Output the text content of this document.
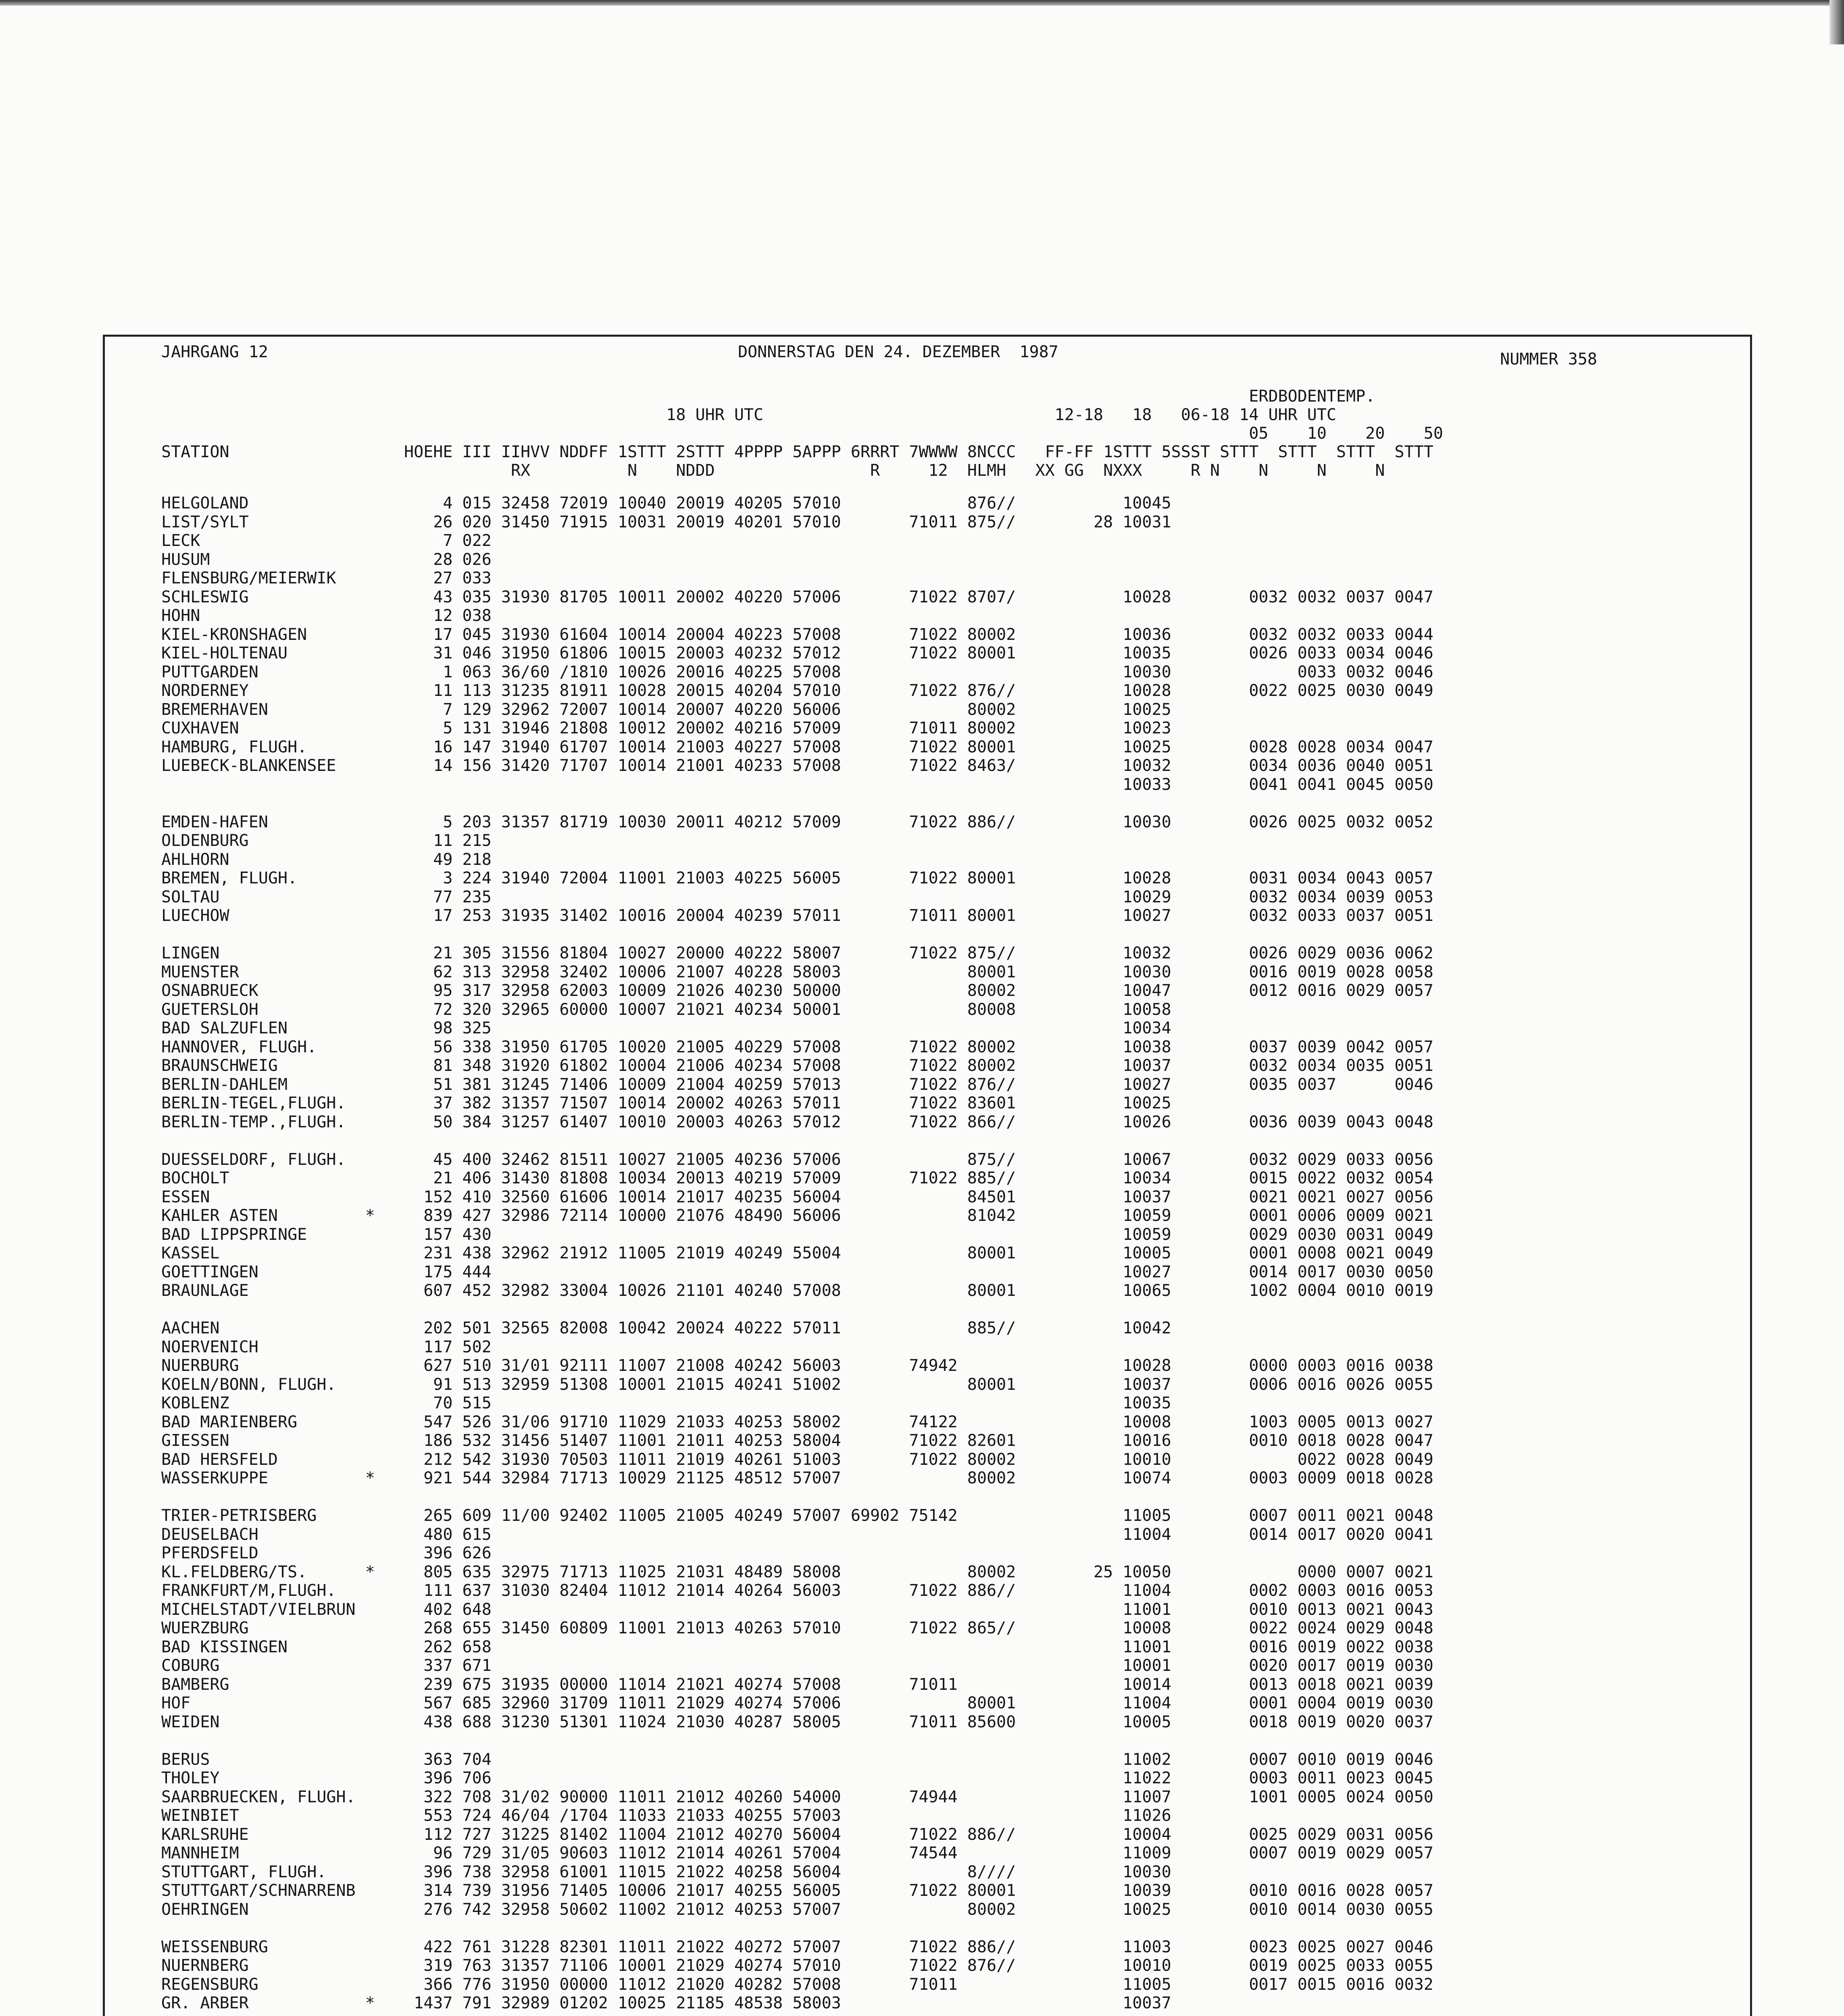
JAHRGANG 12	DONNERSTAG DEN 24. DEZEMBER  1987	NUMMER 358
ERDBODENTEMP.
18 UHR UTC                              12-18   18   06-18 14 UHR UTC
05    10    20    50
STATION                  HOEHE III IIHVV NDDFF 1STTT 2STTT 4PPPP 5APPP 6RRRT 7WWWW 8NCCC   FF-FF 1STTT 5SSST STTT  STTT  STTT  STTT
RX          N    NDDD                R     12  HLMH   XX GG  NXXX     R N    N     N     N
HELGOLAND                    4 015 32458 72019 10040 20019 40205 57010             876//           10045
LIST/SYLT                   26 020 31450 71915 10031 20019 40201 57010       71011 875//        28 10031
LECK                         7 022
HUSUM                       28 026
FLENSBURG/MEIERWIK          27 033
SCHLESWIG                   43 035 31930 81705 10011 20002 40220 57006       71022 8707/           10028        0032 0032 0037 0047
HOHN                        12 038
KIEL-KRONSHAGEN             17 045 31930 61604 10014 20004 40223 57008       71022 80002           10036        0032 0032 0033 0044
KIEL-HOLTENAU               31 046 31950 61806 10015 20003 40232 57012       71022 80001           10035        0026 0033 0034 0046
PUTTGARDEN                   1 063 36/60 /1810 10026 20016 40225 57008                             10030             0033 0032 0046
NORDERNEY                   11 113 31235 81911 10028 20015 40204 57010       71022 876//           10028        0022 0025 0030 0049
BREMERHAVEN                  7 129 32962 72007 10014 20007 40220 56006             80002           10025
CUXHAVEN                     5 131 31946 21808 10012 20002 40216 57009       71011 80002           10023
HAMBURG, FLUGH.             16 147 31940 61707 10014 21003 40227 57008       71022 80001           10025        0028 0028 0034 0047
LUEBECK-BLANKENSEE          14 156 31420 71707 10014 21001 40233 57008       71022 8463/           10032        0034 0036 0040 0051
10033        0041 0041 0045 0050
EMDEN-HAFEN                  5 203 31357 81719 10030 20011 40212 57009       71022 886//           10030        0026 0025 0032 0052
OLDENBURG                   11 215
AHLHORN                     49 218
BREMEN, FLUGH.               3 224 31940 72004 11001 21003 40225 56005       71022 80001           10028        0031 0034 0043 0057
SOLTAU                      77 235                                                                 10029        0032 0034 0039 0053
LUECHOW                     17 253 31935 31402 10016 20004 40239 57011       71011 80001           10027        0032 0033 0037 0051
LINGEN                      21 305 31556 81804 10027 20000 40222 58007       71022 875//           10032        0026 0029 0036 0062
MUENSTER                    62 313 32958 32402 10006 21007 40228 58003             80001           10030        0016 0019 0028 0058
OSNABRUECK                  95 317 32958 62003 10009 21026 40230 50000             80002           10047        0012 0016 0029 0057
GUETERSLOH                  72 320 32965 60000 10007 21021 40234 50001             80008           10058
BAD SALZUFLEN               98 325                                                                 10034
HANNOVER, FLUGH.            56 338 31950 61705 10020 21005 40229 57008       71022 80002           10038        0037 0039 0042 0057
BRAUNSCHWEIG                81 348 31920 61802 10004 21006 40234 57008       71022 80002           10037        0032 0034 0035 0051
BERLIN-DAHLEM               51 381 31245 71406 10009 21004 40259 57013       71022 876//           10027        0035 0037      0046
BERLIN-TEGEL,FLUGH.         37 382 31357 71507 10014 20002 40263 57011       71022 83601           10025
BERLIN-TEMP.,FLUGH.         50 384 31257 61407 10010 20003 40263 57012       71022 866//           10026        0036 0039 0043 0048
DUESSELDORF, FLUGH.         45 400 32462 81511 10027 21005 40236 57006             875//           10067        0032 0029 0033 0056
BOCHOLT                     21 406 31430 81808 10034 20013 40219 57009       71022 885//           10034        0015 0022 0032 0054
ESSEN                      152 410 32560 61606 10014 21017 40235 56004             84501           10037        0021 0021 0027 0056
KAHLER ASTEN         *     839 427 32986 72114 10000 21076 48490 56006             81042           10059        0001 0006 0009 0021
BAD LIPPSPRINGE            157 430                                                                 10059        0029 0030 0031 0049
KASSEL                     231 438 32962 21912 11005 21019 40249 55004             80001           10005        0001 0008 0021 0049
GOETTINGEN                 175 444                                                                 10027        0014 0017 0030 0050
BRAUNLAGE                  607 452 32982 33004 10026 21101 40240 57008             80001           10065        1002 0004 0010 0019
AACHEN                     202 501 32565 82008 10042 20024 40222 57011             885//           10042
NOERVENICH                 117 502
NUERBURG                   627 510 31/01 92111 11007 21008 40242 56003       74942                 10028        0000 0003 0016 0038
KOELN/BONN, FLUGH.          91 513 32959 51308 10001 21015 40241 51002             80001           10037        0006 0016 0026 0055
KOBLENZ                     70 515                                                                 10035
BAD MARIENBERG             547 526 31/06 91710 11029 21033 40253 58002       74122                 10008        1003 0005 0013 0027
GIESSEN                    186 532 31456 51407 11001 21011 40253 58004       71022 82601           10016        0010 0018 0028 0047
BAD HERSFELD               212 542 31930 70503 11011 21019 40261 51003       71022 80002           10010             0022 0028 0049
WASSERKUPPE          *     921 544 32984 71713 10029 21125 48512 57007             80002           10074        0003 0009 0018 0028
TRIER-PETRISBERG           265 609 11/00 92402 11005 21005 40249 57007 69902 75142                 11005        0007 0011 0021 0048
DEUSELBACH                 480 615                                                                 11004        0014 0017 0020 0041
PFERDSFELD                 396 626
KL.FELDBERG/TS.      *     805 635 32975 71713 11025 21031 48489 58008             80002        25 10050             0000 0007 0021
FRANKFURT/M,FLUGH.         111 637 31030 82404 11012 21014 40264 56003       71022 886//           11004        0002 0003 0016 0053
MICHELSTADT/VIELBRUN       402 648                                                                 11001        0010 0013 0021 0043
WUERZBURG                  268 655 31450 60809 11001 21013 40263 57010       71022 865//           10008        0022 0024 0029 0048
BAD KISSINGEN              262 658                                                                 11001        0016 0019 0022 0038
COBURG                     337 671                                                                 10001        0020 0017 0019 0030
BAMBERG                    239 675 31935 00000 11014 21021 40274 57008       71011                 10014        0013 0018 0021 0039
HOF                        567 685 32960 31709 11011 21029 40274 57006             80001           11004        0001 0004 0019 0030
WEIDEN                     438 688 31230 51301 11024 21030 40287 58005       71011 85600           10005        0018 0019 0020 0037
BERUS                      363 704                                                                 11002        0007 0010 0019 0046
THOLEY                     396 706                                                                 11022        0003 0011 0023 0045
SAARBRUECKEN, FLUGH.       322 708 31/02 90000 11011 21012 40260 54000       74944                 11007        1001 0005 0024 0050
WEINBIET                   553 724 46/04 /1704 11033 21033 40255 57003                             11026
KARLSRUHE                  112 727 31225 81402 11004 21012 40270 56004       71022 886//           10004        0025 0029 0031 0056
MANNHEIM                    96 729 31/05 90603 11012 21014 40261 57004       74544                 11009        0007 0019 0029 0057
STUTTGART, FLUGH.          396 738 32958 61001 11015 21022 40258 56004             8////           10030
STUTTGART/SCHNARRENB       314 739 31956 71405 10006 21017 40255 56005       71022 80001           10039        0010 0016 0028 0057
OEHRINGEN                  276 742 32958 50602 11002 21012 40253 57007             80002           10025        0010 0014 0030 0055
WEISSENBURG                422 761 31228 82301 11011 21022 40272 57007       71022 886//           11003        0023 0025 0027 0046
NUERNBERG                  319 763 31357 71106 10001 21029 40274 57010       71022 876//           10010        0019 0025 0033 0055
REGENSBURG                 366 776 31950 00000 11012 21020 40282 57008       71011                 11005        0017 0015 0016 0032
GR. ARBER            *    1437 791 32989 01202 10025 21185 48538 58003                             10037
